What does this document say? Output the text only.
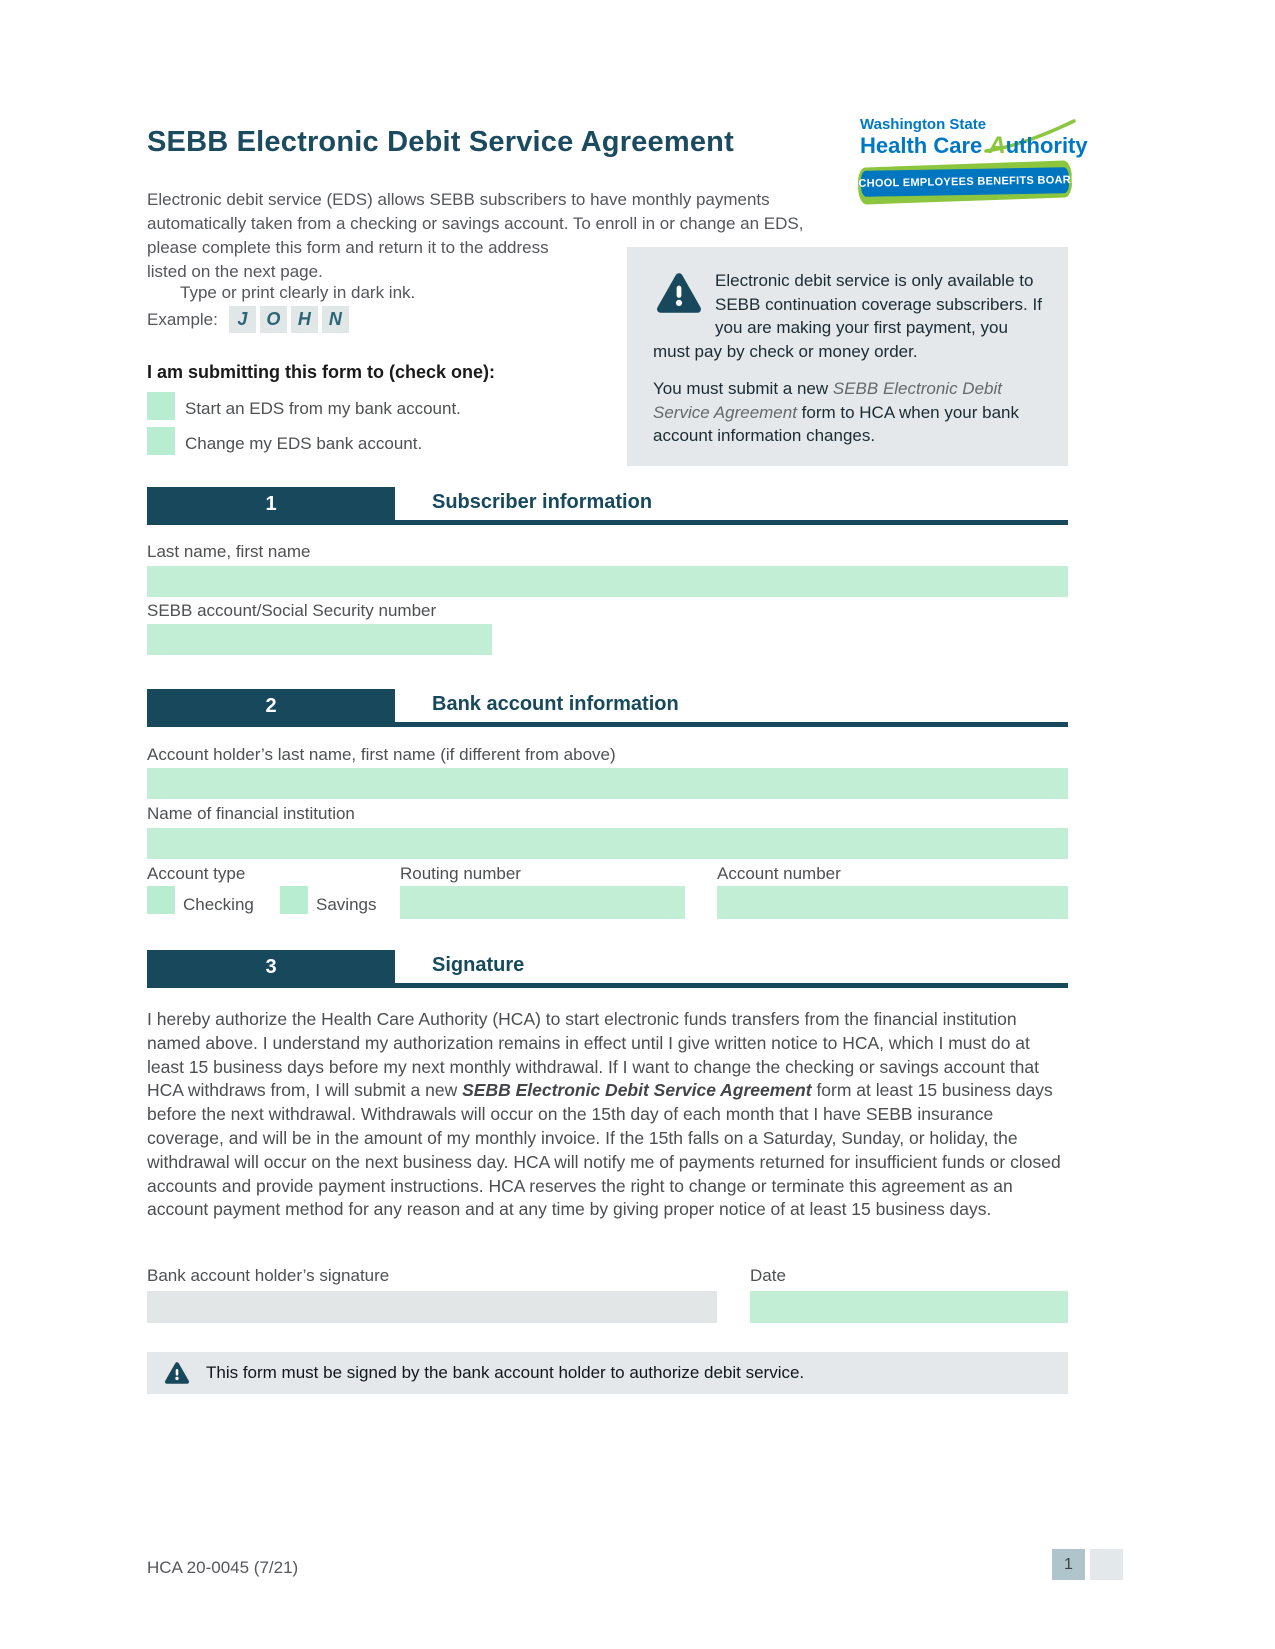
SEBB Electronic Debit Service Agreement
Washington State
Health Care Authority
SCHOOL EMPLOYEES BENEFITS BOARD
Electronic debit service (EDS) allows SEBB subscribers to have monthly payments
automatically taken from a checking or savings account. To enroll in or change an EDS,
please complete this form and return it to the address
listed on the next page.
Type or print clearly in dark ink.
Example:	J	O H	N

Electronic debit service is only available to SEBB continuation coverage subscribers. If you are making your first payment, you must pay by check or money order.

You must submit a new SEBB Electronic Debit Service Agreement form to HCA when your bank account information changes.

I am submitting this form to (check one):
Start an EDS from my bank account.
Change my EDS bank account.
1	Subscriber information
Last name, first name
SEBB account/Social Security number
2	Bank account information
Account holder’s last name, first name (if different from above)
Name of financial institution
Account type	Routing number	Account number
Checking	Savings
3	Signature
I hereby authorize the Health Care Authority (HCA) to start electronic funds transfers from the financial institution named above. I understand my authorization remains in effect until I give written notice to HCA, which I must do at least 15 business days before my next monthly withdrawal. If I want to change the checking or savings account that HCA withdraws from, I will submit a new SEBB Electronic Debit Service Agreement form at least 15 business days before the next withdrawal. Withdrawals will occur on the 15th day of each month that I have SEBB insurance coverage, and will be in the amount of my monthly invoice. If the 15th falls on a Saturday, Sunday, or holiday, the withdrawal will occur on the next business day. HCA will notify me of payments returned for insufficient funds or closed accounts and provide payment instructions. HCA reserves the right to change or terminate this agreement as an account payment method for any reason and at any time by giving proper notice of at least 15 business days.
Bank account holder’s signature	Date
This form must be signed by the bank account holder to authorize debit service.
HCA 20-0045 (7/21)	1
